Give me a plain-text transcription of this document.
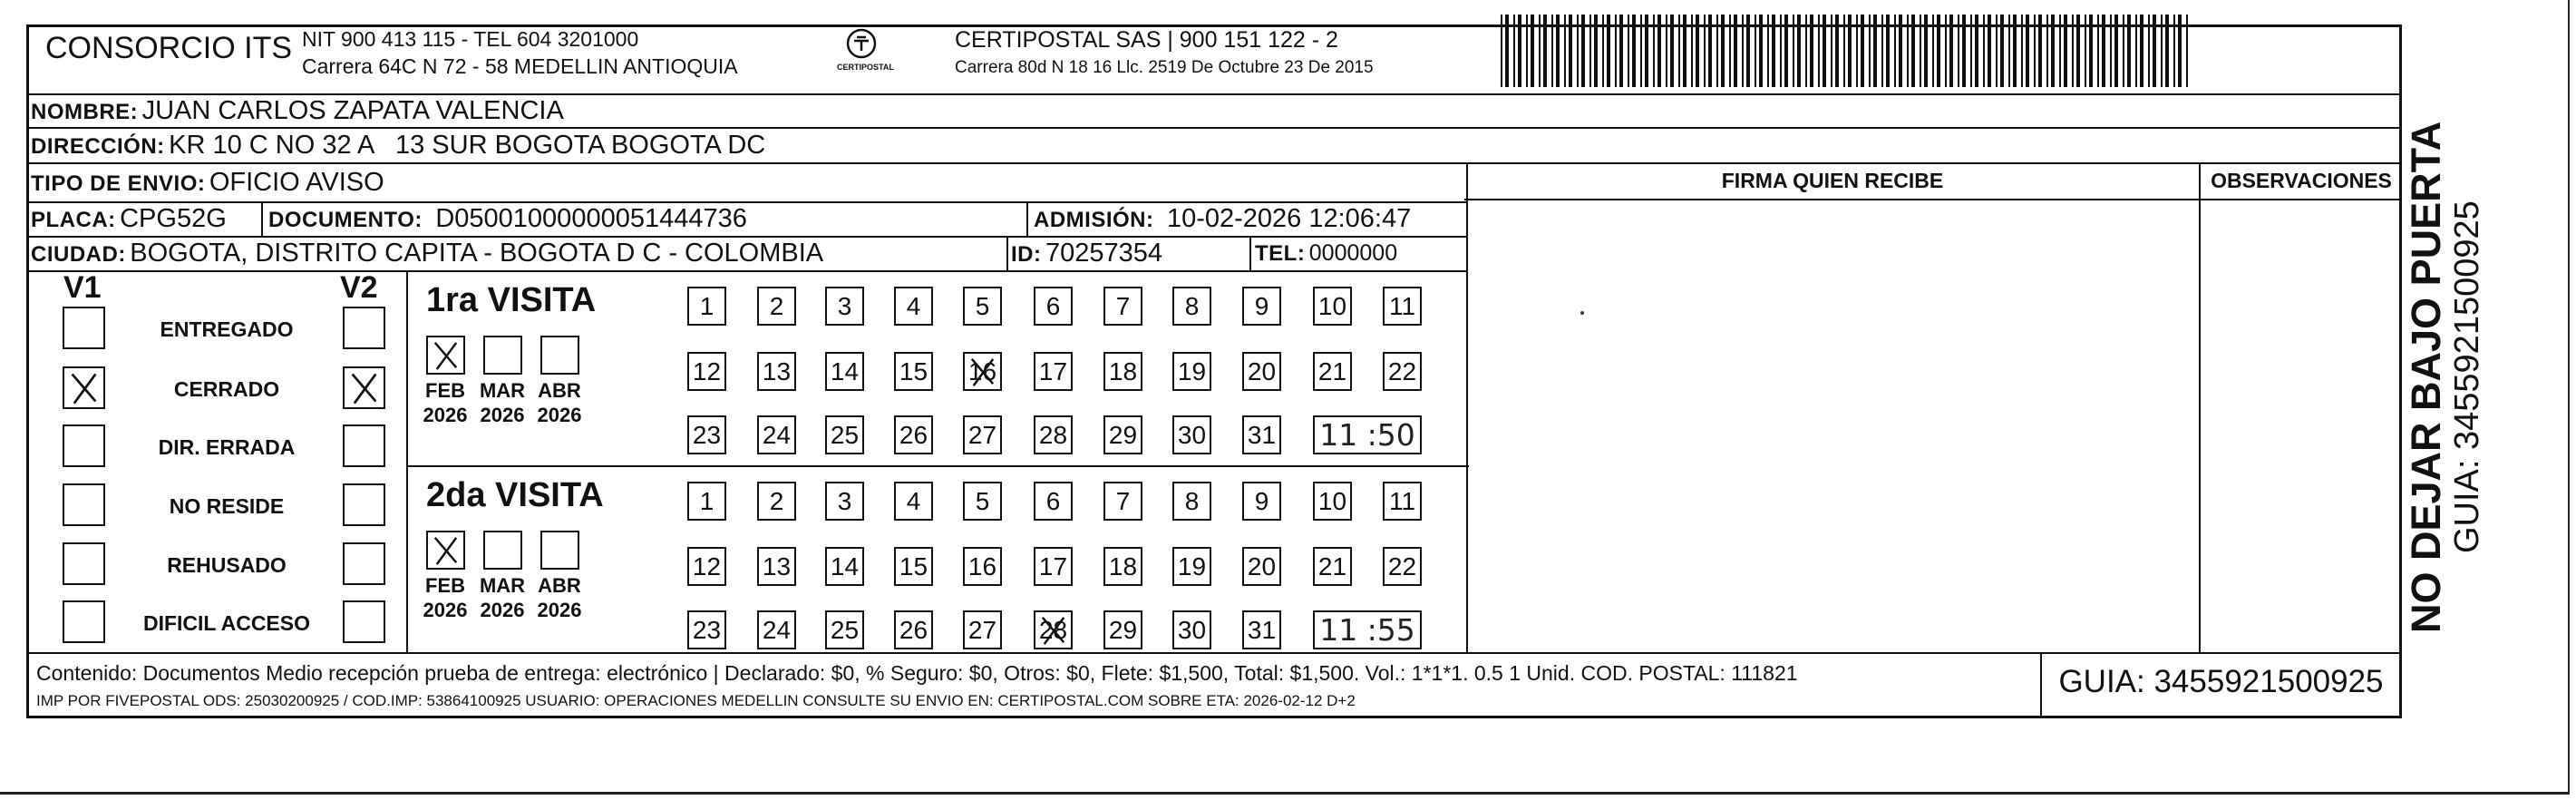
CONSORCIO ITS NIT 900 413 115 - TEL 604 3201000
Carrera 64C N 72 - 58 MEDELLIN ANTIOQUIA	CERTIPOSTAL
CERTIPOSTAL SAS | 900 151 122 - 2
Carrera 80d N 18 16 Llc. 2519 De Octubre 23 De 2015
NOMBRE: JUAN CARLOS ZAPATA VALENCIA
DIRECCIÓN: KR 10 C NO 32 A   13 SUR BOGOTA BOGOTA DC
TIPO DE ENVIO: OFICIO AVISO
PLACA: CPG52G DOCUMENTO: D05001000000051444736	ADMISIÓN: 10-02-2026 12:06:47
CIUDAD: BOGOTA, DISTRITO CAPITA - BOGOTA D C - COLOMBIA	ID: 70257354	TEL: 0000000
FIRMA QUIEN RECIBE	OBSERVACIONES
V1	V2
ENTREGADO
CERRADO
DIR. ERRADA
NO RESIDE
REHUSADO
DIFICIL ACCESO
1ra VISITA
FEB
2026
MAR
2026
ABR
2026
1	2	3	4	5	6	7	8	9	10 11
12 13 14 15 16 17 18 19 20 21 22
23 24 25 26 27 28 29 30 31 11 :50
2da VISITA
FEB
2026
MAR
2026
ABR
2026
1	2	3	4	5	6	7	8	9	10 11
12 13 14 15 16 17 18 19 20 21 22
23 24 25 26 27 28 29 30 31 11 :55
Contenido: Documentos Medio recepción prueba de entrega: electrónico | Declarado: $0, % Seguro: $0, Otros: $0, Flete: $1,500, Total: $1,500. Vol.: 1*1*1. 0.5 1 Unid. COD. POSTAL: 111821
IMP POR FIVEPOSTAL ODS: 25030200925 / COD.IMP: 53864100925 USUARIO: OPERACIONES MEDELLIN CONSULTE SU ENVIO EN: CERTIPOSTAL.COM SOBRE ETA: 2026-02-12 D+2
GUIA: 3455921500925
NO DEJAR BAJO PUERTA GUIA: 3455921500925
